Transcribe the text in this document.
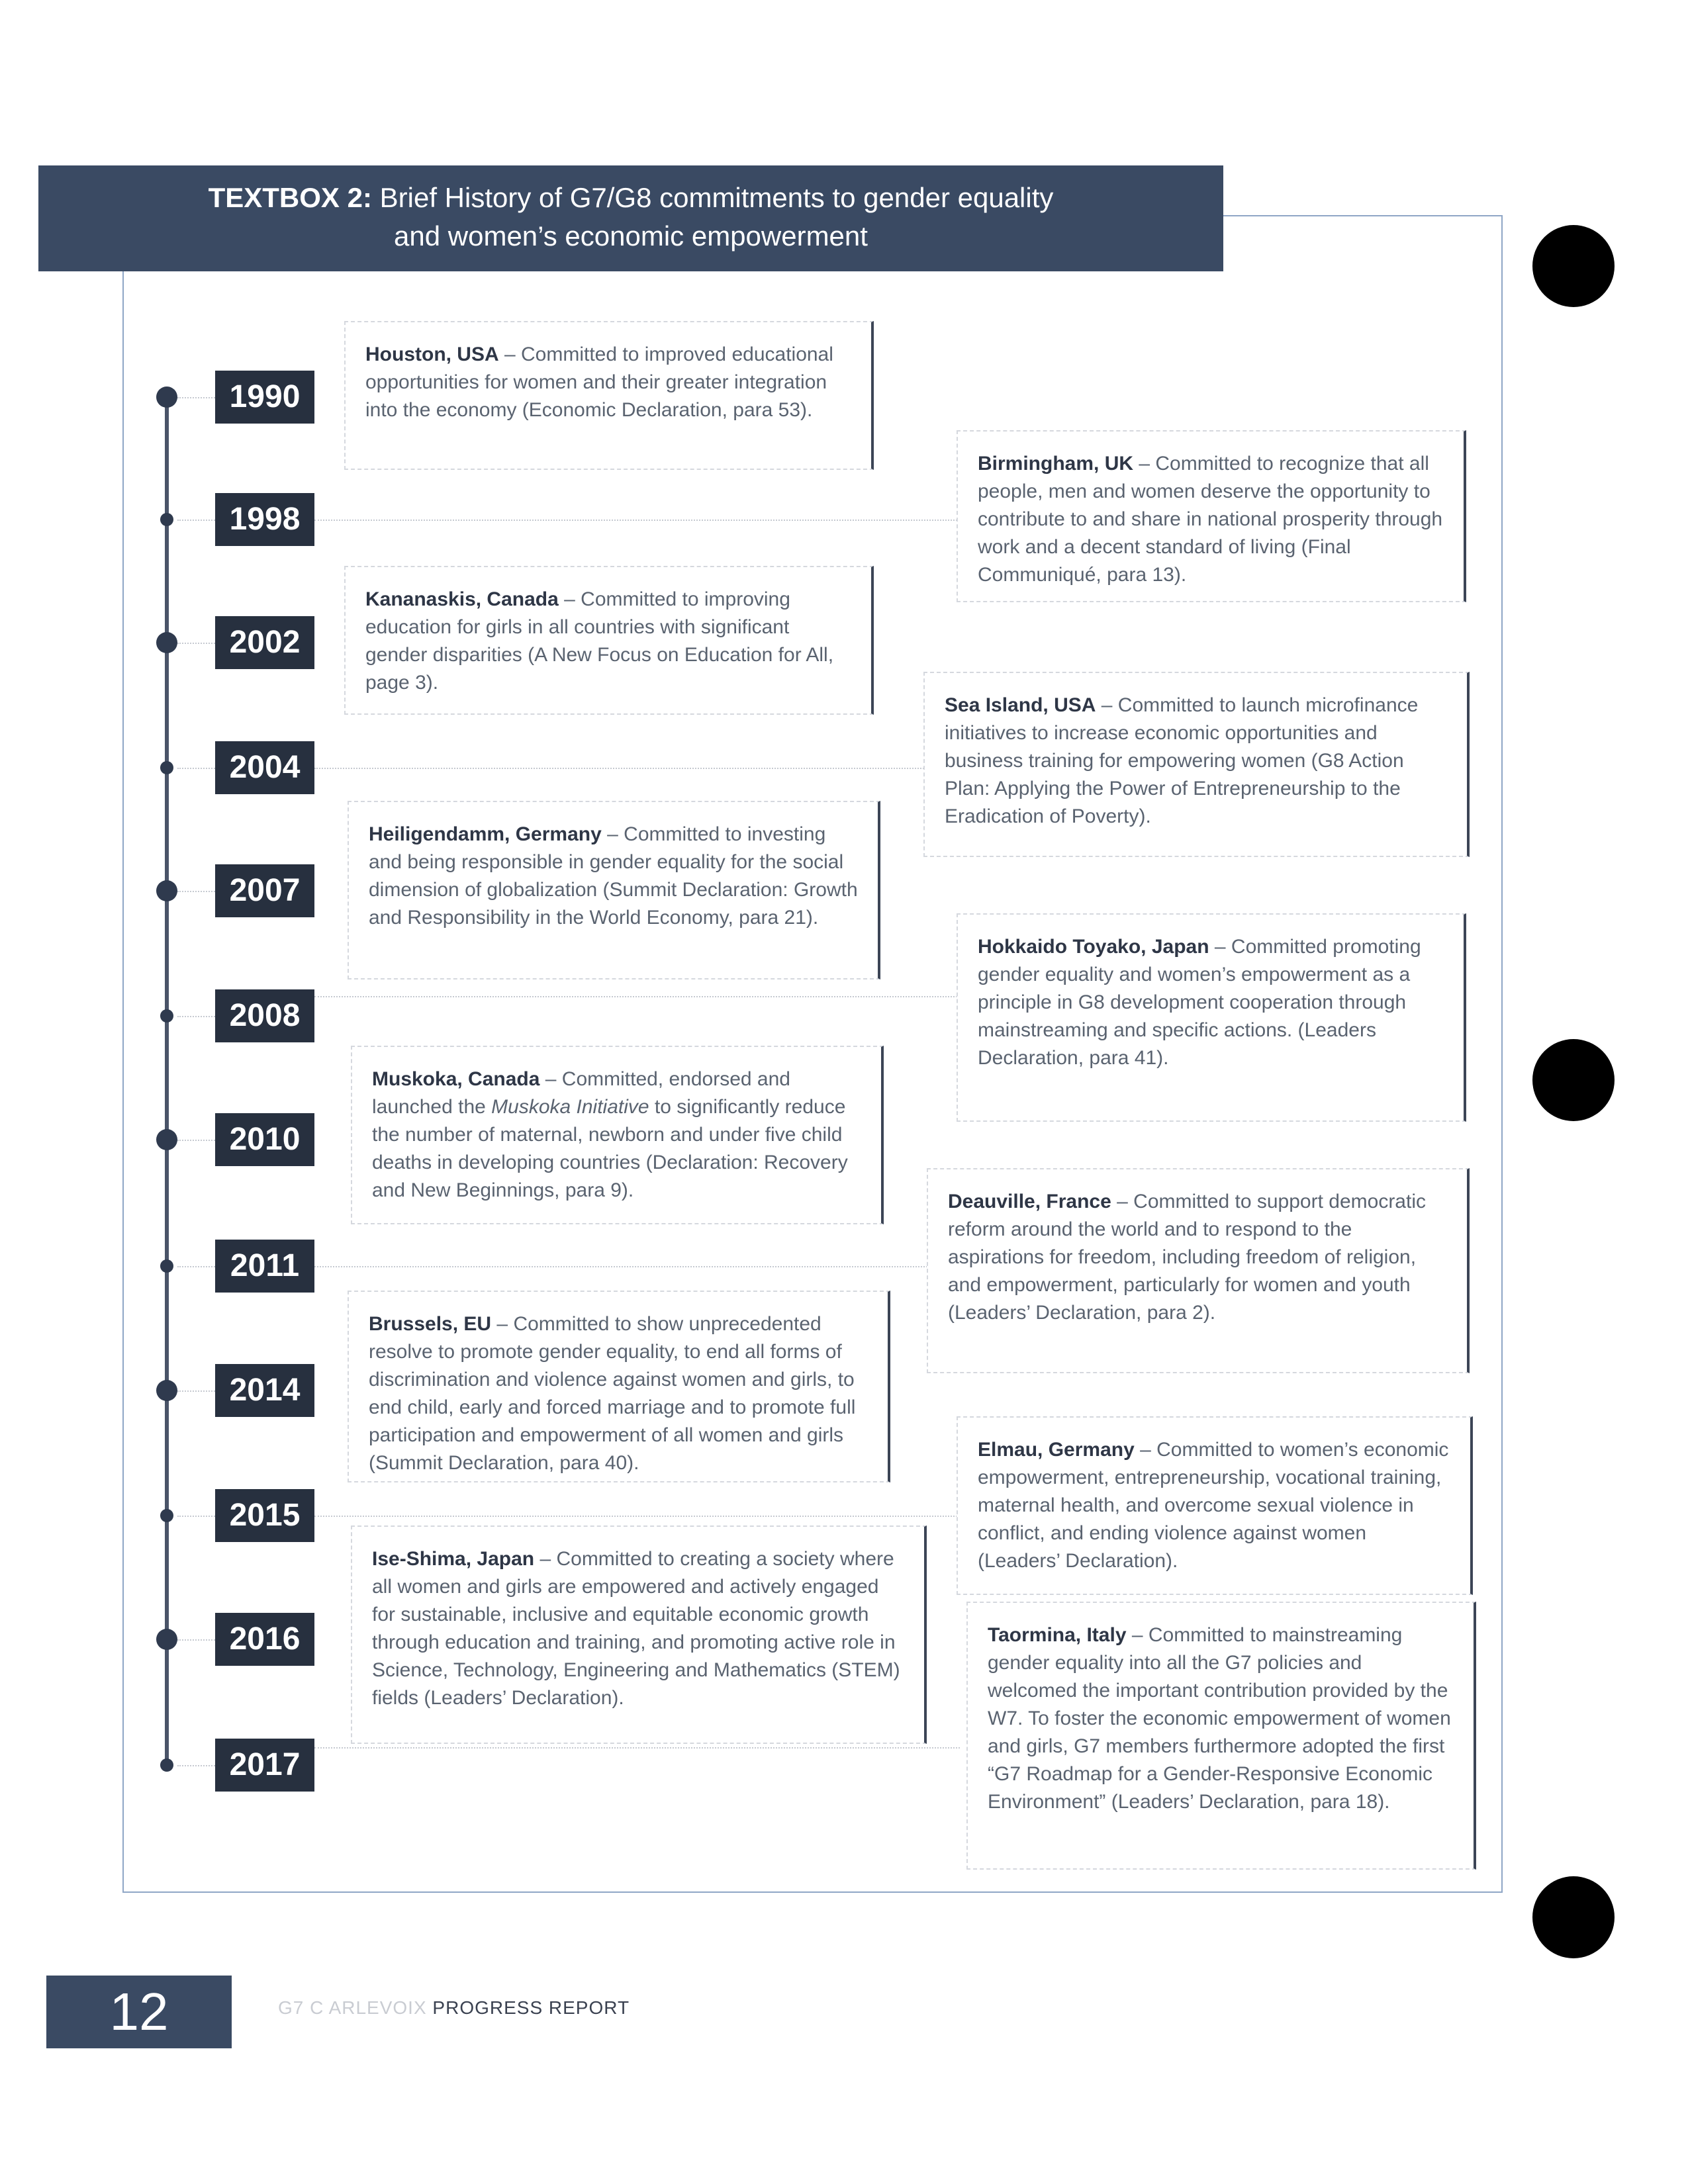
TEXTBOX 2: Brief History of G7/G8 commitments to gender equality
and women’s economic empowerment
1990
1998
2002
2004
2007
2008
2010
2011
2014
2015
2016
2017
Houston, USA – Committed to improved educational opportunities for women and their greater integration into the economy (Economic Declaration, para 53).
Kananaskis, Canada – Committed to improving education for girls in all countries with significant gender disparities (A New Focus on Education for All, page 3).
Heiligendamm, Germany – Committed to investing and being responsible in gender equality for the social dimension of globalization (Summit Declaration: Growth and Responsibility in the World Economy, para 21).
Muskoka, Canada – Committed, endorsed and launched the Muskoka Initiative to significantly reduce the number of maternal, newborn and under five child deaths in developing countries (Declaration: Recovery and New Beginnings, para 9).
Brussels, EU – Committed to show unprecedented resolve to promote gender equality, to end all forms of discrimination and violence against women and girls, to end child, early and forced marriage and to promote full participation and empowerment of all women and girls (Summit Declaration, para 40).
Ise-Shima, Japan – Committed to creating a society where all women and girls are empowered and actively engaged for sustainable, inclusive and equitable economic growth through education and training, and promoting active role in Science, Technology, Engineering and Mathematics (STEM) fields (Leaders’ Declaration).
Birmingham, UK – Committed to recognize that all people, men and women deserve the opportunity to contribute to and share in national prosperity through work and a decent standard of living (Final Communiqué, para 13).
Sea Island, USA – Committed to launch microfinance initiatives to increase economic opportunities and business training for empowering women (G8 Action Plan: Applying the Power of Entrepreneurship to the Eradication of Poverty).
Hokkaido Toyako, Japan – Committed promoting gender equality and women’s empowerment as a principle in G8 development cooperation through mainstreaming and specific actions. (Leaders Declaration, para 41).
Deauville, France – Committed to support democratic reform around the world and to respond to the aspirations for freedom, including freedom of religion, and empowerment, particularly for women and youth (Leaders’ Declaration, para 2).
Elmau, Germany – Committed to women’s economic empowerment, entrepreneurship, vocational training, maternal health, and overcome sexual violence in conflict, and ending violence against women (Leaders’ Declaration).
Taormina, Italy – Committed to mainstreaming gender equality into all the G7 policies and welcomed the important contribution provided by the W7. To foster the economic empowerment of women and girls, G7 members furthermore adopted the first “G7 Roadmap for a Gender-Responsive Economic Environment” (Leaders’ Declaration, para 18).
12	G7 C ARLEVOIX PROGRESS REPORT
